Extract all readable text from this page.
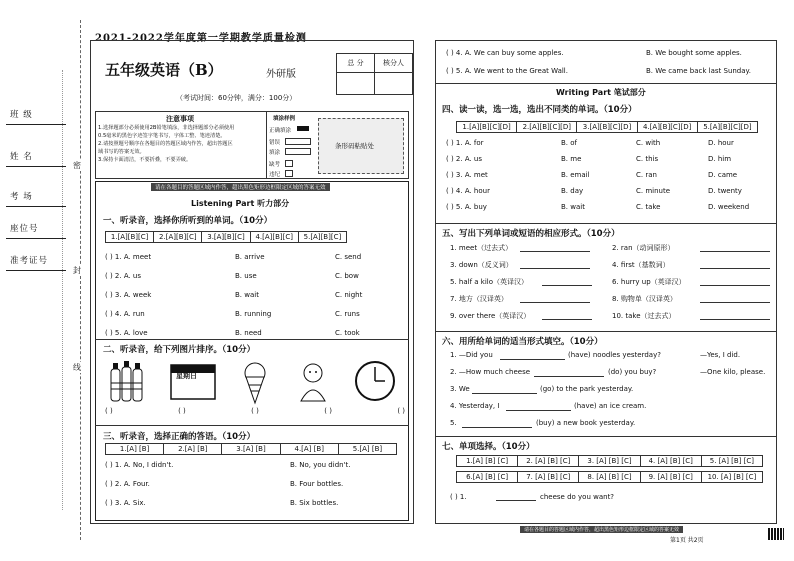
班 级
姓 名
考 场
座位号
准考证号
密
封
线
2021-2022学年度第一学期教学质量检测
五年级英语（B）	外研版
总 分	核分人
（考试时间：60分钟，满分：100分）
注意事项
1.选择题部分必须使用2B铅笔填涂，非选择题部分必须使用
0.5毫米的黑色字迹签字笔书写，字体工整、笔迹清楚。
2.请按照题号顺序在各题目的答题区域内作答，超出答题区
域书写的答案无效。
3.保持卡面清洁，不要折叠，不要弄破。
填涂样例
正确填涂
错误
填涂
缺考
违纪
条形码粘贴处
请在各题目的答题区域内作答，超出黑色矩形边框限定区域的答案无效
Listening Part 听力部分
一、听录音，选择你所听到的单词。（10分）
1.[A][B][C]	2.[A][B][C]	3.[A][B][C]	4.[A][B][C]	5.[A][B][C]
( ) 1. A. meet	B. arrive	C. send
( ) 2. A. us	B. use	C. bow
( ) 3. A. week	B. wait	C. night
( ) 4. A. run	B. running	C. runs
( ) 5. A. love	B. need	C. took
二、听录音，给下列图片排序。（10分）
星期日
( )	( )	( )	( )	( )
三、听录音，选择正确的答语。（10分）
1.[A] [B]	2.[A] [B]	3.[A] [B]	4.[A] [B]	5.[A] [B]
( ) 1. A. No, I didn't.	B. No, you didn't.
( ) 2. A. Four.	B. Four bottles.
( ) 3. A. Six.	B. Six bottles.
( ) 4. A. We can buy some apples.	B. We bought some apples.
( ) 5. A. We went to the Great Wall.	B. We came back last Sunday.
Writing Part 笔试部分
四、读一读，选一选，选出不同类的单词。（10分）
1.[A][B][C][D]	2.[A][B][C][D]	3.[A][B][C][D]	4.[A][B][C][D]	5.[A][B][C][D]
( ) 1. A. for	B. of	C. with	D. hour
( ) 2. A. us	B. me	C. this	D. him
( ) 3. A. met	B. email	C. ran	D. came
( ) 4. A. hour	B. day	C. minute	D. twenty
( ) 5. A. buy	B. wait	C. take	D. weekend
五、写出下列单词或短语的相应形式。（10分）
1. meet（过去式）	2. ran（动词原形）
3. down（反义词）	4. first（基数词）
5. half a kilo（英译汉）	6. hurry up（英译汉）
7. 地方（汉译英）	8. 购物单（汉译英）
9. over there（英译汉）	10. take（过去式）
六、用所给单词的适当形式填空。（10分）
1. —Did you	(have) noodles yesterday?	—Yes, I did.
2. —How much cheese	(do) you buy?	—One kilo, please.
3. We	(go) to the park yesterday.
4. Yesterday, I	(have) an ice cream.
5.	(buy) a new book yesterday.
七、单项选择。（10分）
1.[A] [B] [C]	2. [A] [B] [C]	3. [A] [B] [C]	4. [A] [B] [C]	5. [A] [B] [C]
6.[A] [B] [C]	7. [A] [B] [C]	8. [A] [B] [C]	9. [A] [B] [C]	10. [A] [B] [C]
( ) 1.	cheese do you want?
请在各题目的答题区域内作答，超出黑色矩形边框限定区域的答案无效
第1页 共2页
